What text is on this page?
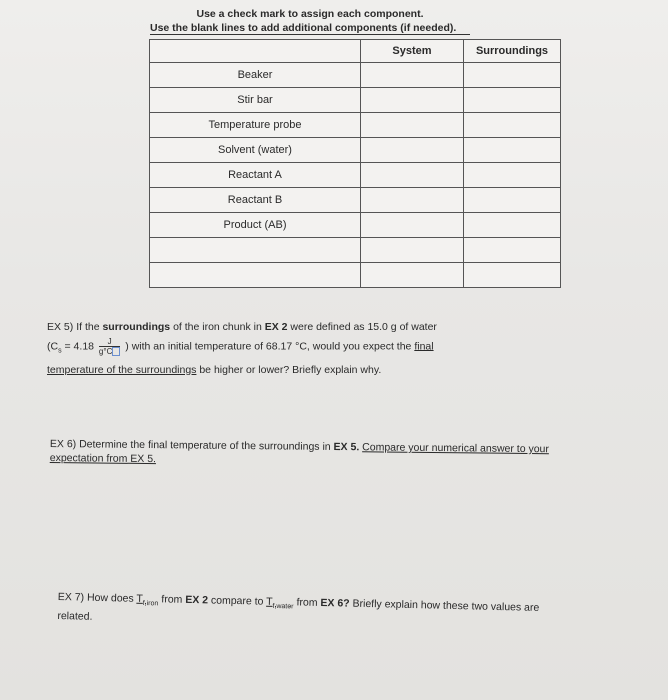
Use a check mark to assign each component.
Use the blank lines to add additional components (if needed).
	System	Surroundings
Beaker		
Stir bar		
Temperature probe		
Solvent (water)		
Reactant A		
Reactant B		
Product (AB)		

EX 5) If the surroundings of the iron chunk in EX 2 were defined as 15.0 g of water
($C_s = 4.18 \frac{J}{g^\circ C}$ ) with an initial temperature of 68.17 °C, would you expect the final
temperature of the surroundings be higher or lower? Briefly explain why.
EX 6) Determine the final temperature of the surroundings in EX 5. Compare your numerical answer to your expectation from EX 5.
EX 7) How does $T_{f,iron}$ from EX 2 compare to $T_{f,water}$ from EX 6? Briefly explain how these two values are related.
